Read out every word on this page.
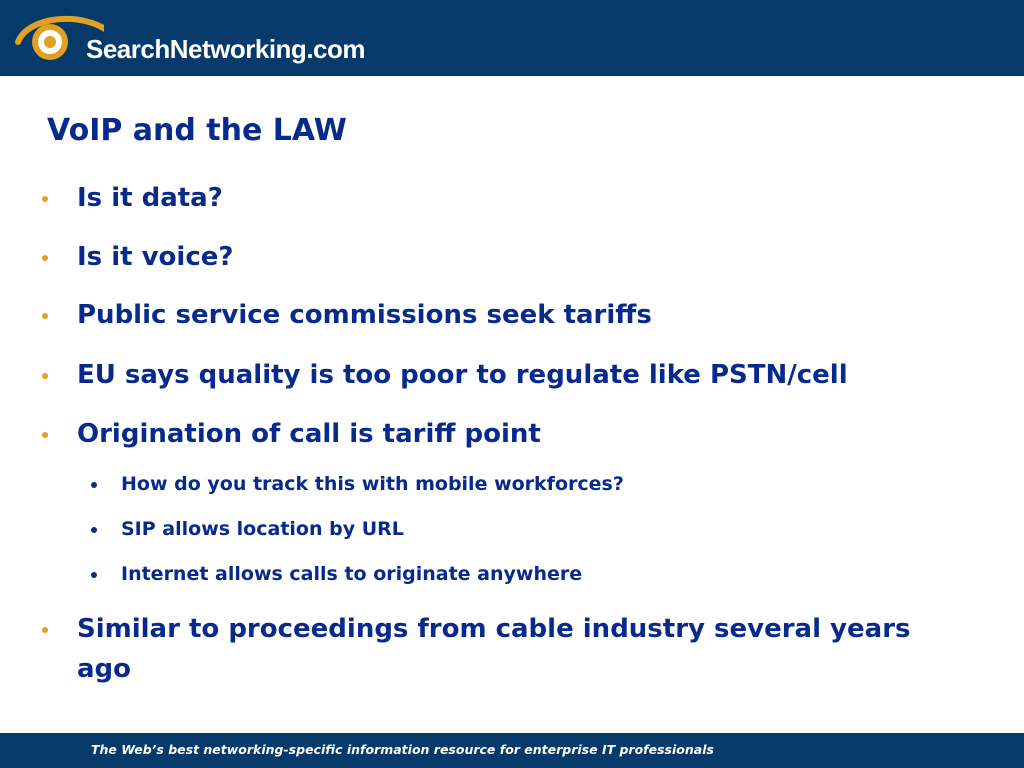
SearchNetworking.com
VoIP and the LAW
Is it data?
Is it voice?
Public service commissions seek tariffs
EU says quality is too poor to regulate like PSTN/cell
Origination of call is tariff point
How do you track this with mobile workforces?
SIP allows location by URL
Internet allows calls to originate anywhere
Similar to proceedings from cable industry several years ago
The Web’s best networking-specific information resource for enterprise IT professionals
